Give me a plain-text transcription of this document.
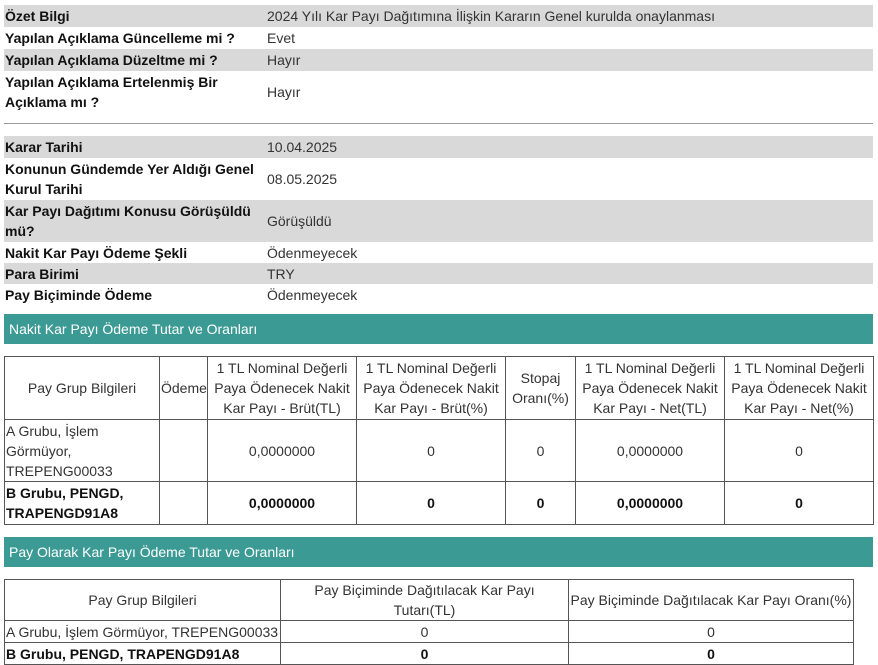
Özet Bilgi	2024 Yılı Kar Payı Dağıtımına İlişkin Kararın Genel kurulda onaylanması
Yapılan Açıklama Güncelleme mi ?	Evet
Yapılan Açıklama Düzeltme mi ?	Hayır
Yapılan Açıklama Ertelenmiş Bir Açıklama mı ?	Hayır
Karar Tarihi	10.04.2025
Konunun Gündemde Yer Aldığı Genel Kurul Tarihi	08.05.2025
Kar Payı Dağıtımı Konusu Görüşüldü mü?	Görüşüldü
Nakit Kar Payı Ödeme Şekli	Ödenmeyecek
Para Birimi	TRY
Pay Biçiminde Ödeme	Ödenmeyecek
Nakit Kar Payı Ödeme Tutar ve Oranları
Pay Grup Bilgileri	Ödeme	1 TL Nominal Değerli Paya Ödenecek Nakit Kar Payı - Brüt(TL)	1 TL Nominal Değerli Paya Ödenecek Nakit Kar Payı - Brüt(%)	Stopaj Oranı(%)	1 TL Nominal Değerli Paya Ödenecek Nakit Kar Payı - Net(TL)	1 TL Nominal Değerli Paya Ödenecek Nakit Kar Payı - Net(%)
A Grubu, İşlem Görmüyor, TREPENG00033		0,0000000	0	0	0,0000000	0
B Grubu, PENGD, TRAPENGD91A8		0,0000000	0	0	0,0000000	0
Pay Olarak Kar Payı Ödeme Tutar ve Oranları
Pay Grup Bilgileri	Pay Biçiminde Dağıtılacak Kar Payı Tutarı(TL)	Pay Biçiminde Dağıtılacak Kar Payı Oranı(%)
A Grubu, İşlem Görmüyor, TREPENG00033	0	0
B Grubu, PENGD, TRAPENGD91A8	0	0
